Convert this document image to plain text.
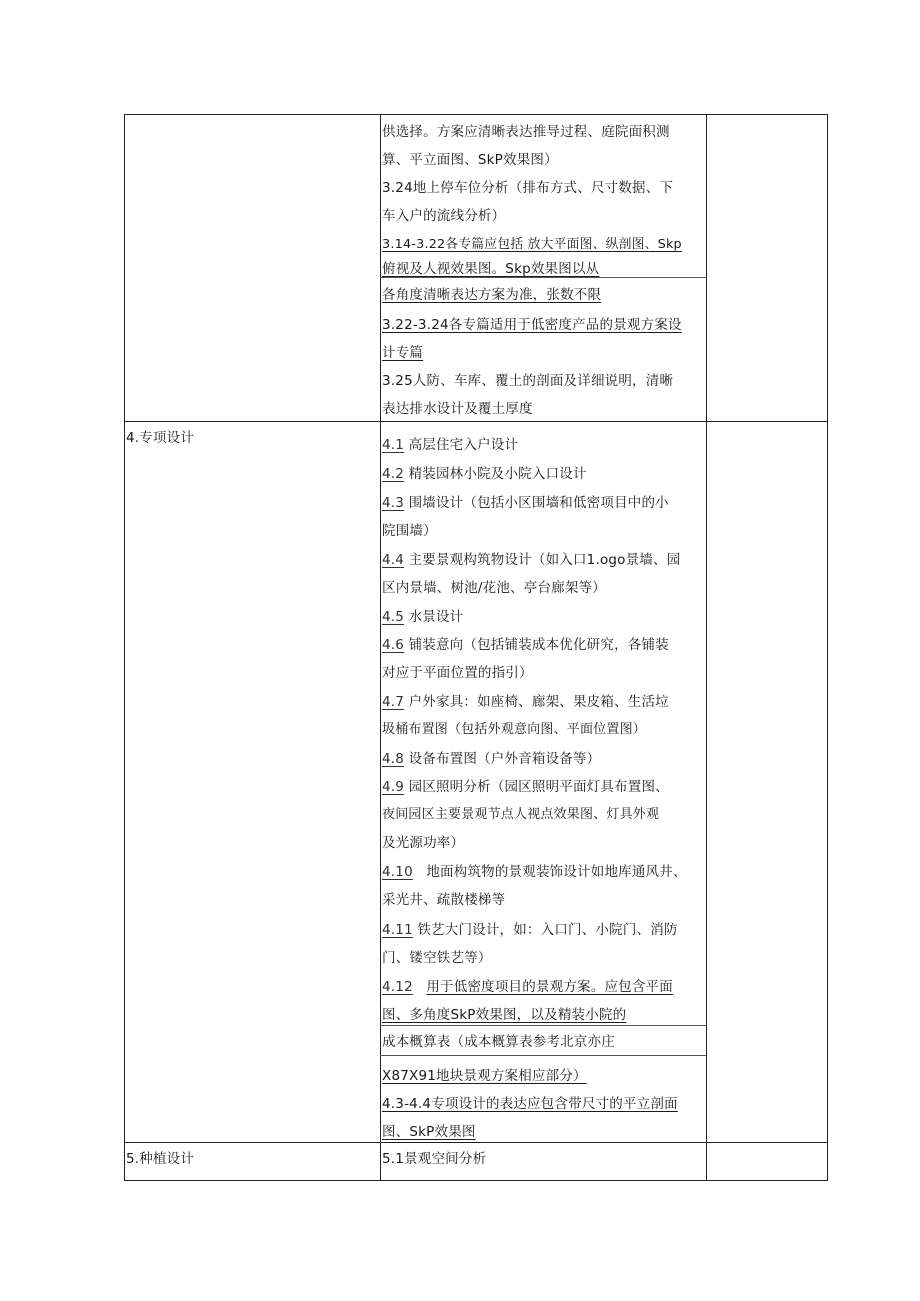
供选择。方案应清晰表达推导过程、庭院面积测
算、平立面图、SkP效果图）
3.24地上停车位分析（排布方式、尺寸数据、下
车入户的流线分析）
3.14-3.22各专篇应包括 放大平面图、纵剖图、Skp
俯视及人视效果图。Skp效果图以从
各角度清晰表达方案为准，张数不限
3.22-3.24各专篇适用于低密度产品的景观方案设
计专篇
3.25人防、车库、覆土的剖面及详细说明，清晰
表达排水设计及覆土厚度
4.专项设计	4.1 高层住宅入户设计
4.2 精装园林小院及小院入口设计
4.3 围墙设计（包括小区围墙和低密项目中的小
院围墙）
4.4 主要景观构筑物设计（如入口1.ogo景墙、园
区内景墙、树池/花池、亭台廊架等）
4.5 水景设计
4.6 铺装意向（包括铺装成本优化研究，各铺装
对应于平面位置的指引）
4.7 户外家具：如座椅、廊架、果皮箱、生活垃
圾桶布置图（包括外观意向图、平面位置图）
4.8 设备布置图（户外音箱设备等）
4.9 园区照明分析（园区照明平面灯具布置图、
夜间园区主要景观节点人视点效果图、灯具外观
及光源功率）
4.10 地面构筑物的景观装饰设计如地库通风井、
采光井、疏散楼梯等
4.11 铁艺大门设计，如：入口门、小院门、消防
门、镂空铁艺等）
4.12 用于低密度项目的景观方案。应包含平面
图、多角度SkP效果图，以及精装小院的
成本概算表（成本概算表参考北京亦庄
X87X91地块景观方案相应部分）
4.3-4.4专项设计的表达应包含带尺寸的平立剖面
图、SkP效果图
5.种植设计	5.1景观空间分析
